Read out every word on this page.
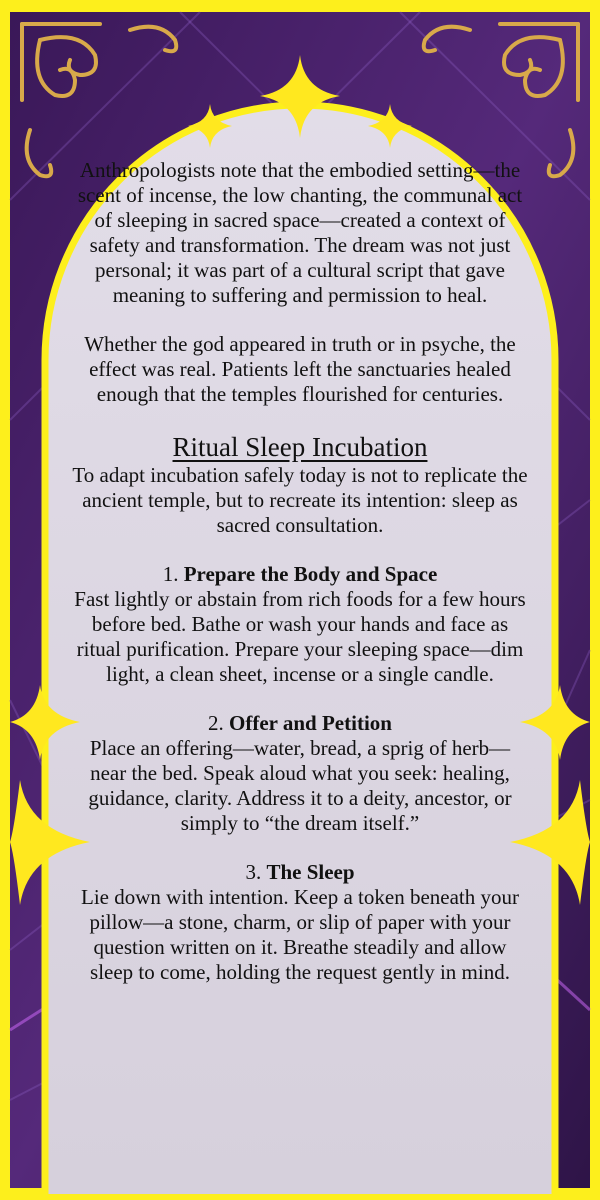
Anthropologists note that the embodied setting—the scent of incense, the low chanting, the communal act of sleeping in sacred space—created a context of safety and transformation. The dream was not just personal; it was part of a cultural script that gave meaning to suffering and permission to heal.

Whether the god appeared in truth or in psyche, the effect was real. Patients left the sanctuaries healed enough that the temples flourished for centuries.

Ritual Sleep Incubation

To adapt incubation safely today is not to replicate the ancient temple, but to recreate its intention: sleep as sacred consultation.

1. Prepare the Body and Space

Fast lightly or abstain from rich foods for a few hours before bed. Bathe or wash your hands and face as ritual purification. Prepare your sleeping space—dim light, a clean sheet, incense or a single candle.

2. Offer and Petition

Place an offering—water, bread, a sprig of herb—near the bed. Speak aloud what you seek: healing, guidance, clarity. Address it to a deity, ancestor, or simply to “the dream itself.”

3. The Sleep

Lie down with intention. Keep a token beneath your pillow—a stone, charm, or slip of paper with your question written on it. Breathe steadily and allow sleep to come, holding the request gently in mind.
